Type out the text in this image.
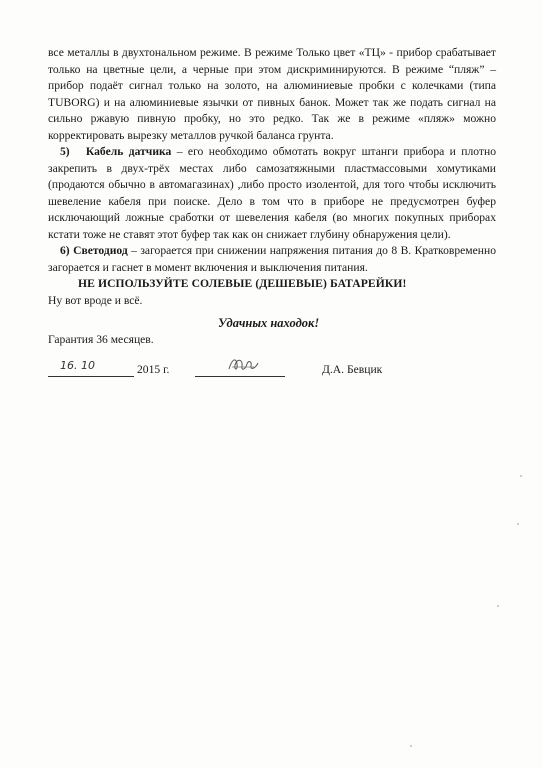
все металлы в двухтональном режиме. В режиме Только цвет «ТЦ» - прибор срабатывает только на цветные цели, а черные при этом дискриминируются. В режиме “пляж” – прибор подаёт сигнал только на золото, на алюминиевые пробки с колечками (типа TUBORG) и на алюминиевые язычки от пивных банок. Может так же подать сигнал на сильно ржавую пивную пробку, но это редко. Так же в режиме «пляж» можно корректировать вырезку металлов ручкой баланса грунта.

5) Кабель датчика – его необходимо обмотать вокруг штанги прибора и плотно закрепить в двух-трёх местах либо самозатяжными пластмассовыми хомутиками (продаются обычно в автомагазинах) ,либо просто изолентой, для того чтобы исключить шевеление кабеля при поиске. Дело в том что в приборе не предусмотрен буфер исключающий ложные сработки от шевеления кабеля (во многих покупных приборах кстати тоже не ставят этот буфер так как он снижает глубину обнаружения цели).

6) Светодиод – загорается при снижении напряжения питания до 8 В. Кратковременно загорается и гаснет в момент включения и выключения питания.

НЕ ИСПОЛЬЗУЙТЕ СОЛЕВЫЕ (ДЕШЕВЫЕ) БАТАРЕЙКИ!

Ну вот вроде и всё.

Удачных находок!
Гарантия 36 месяцев.
16. 10	2015 г.	Д.А. Бевцик
